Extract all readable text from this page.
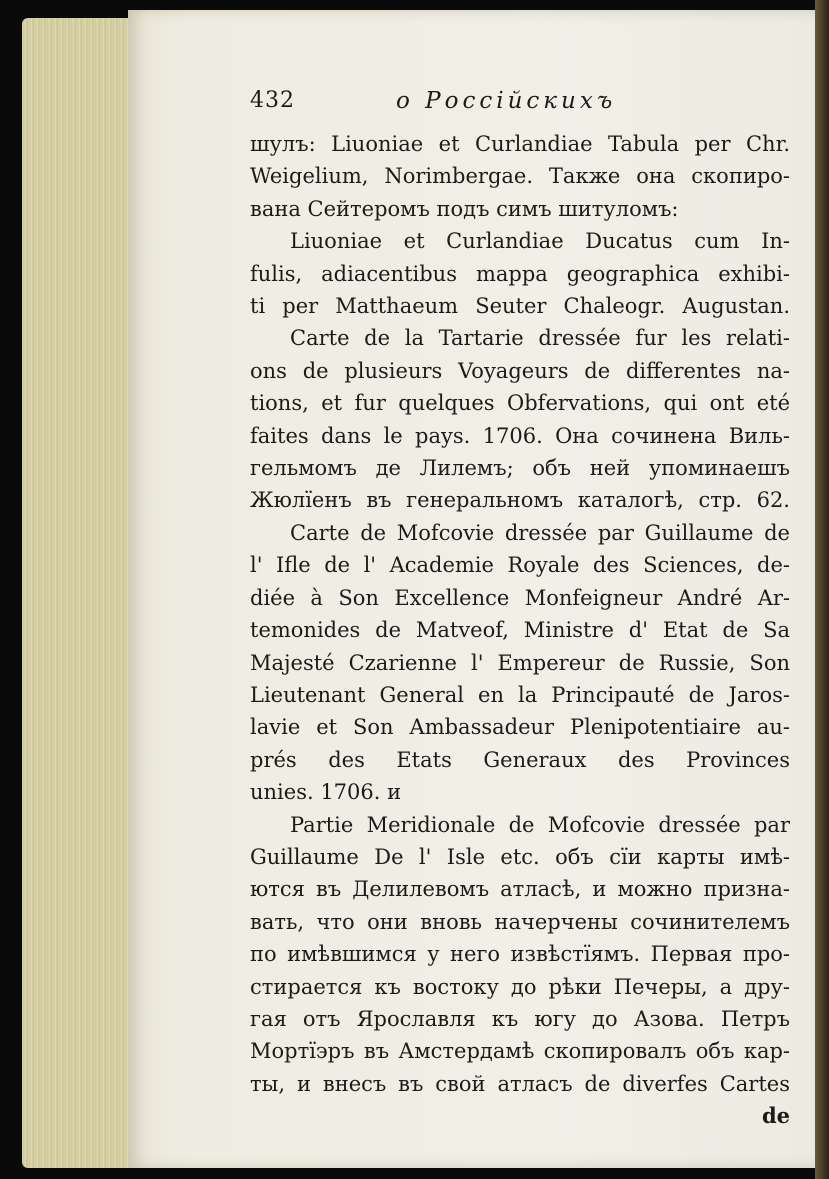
432	о Россійскихъ
шулъ: Liuoniae et Curlandiae Tabula per Chr.
Weigelium, Norimbergae. Также она скопиро-
вана Сейтеромъ подъ симъ шитуломъ:
Liuoniae et Curlandiae Ducatus cum In-
fulis, adiacentibus mappa geographica exhibi-
ti per Matthaeum Seuter Chaleogr. Augustan.
Carte de la Tartarie dressée fur les relati-
ons de plusieurs Voyageurs de differentes na-
tions, et fur quelques Obfervations, qui ont eté
faites dans le pays. 1706. Она сочинена Виль-
гельмомъ де Лилемъ; объ ней упоминаешъ
Жюлїенъ въ генеральномъ каталогѣ, стр. 62.
Carte de Mofcovie dressée par Guillaume de
l' Ifle de l' Academie Royale des Sciences, de-
diée à Son Excellence Monfeigneur André Ar-
temonides de Matveof, Ministre d' Etat de Sa
Majesté Czarienne l' Empereur de Russie, Son
Lieutenant General en la Principauté de Jaros-
lavie et Son Ambassadeur Plenipotentiaire au-
prés des Etats Generaux des Provinces
unies. 1706. и
Partie Meridionale de Mofcovie dressée par
Guillaume De l' Isle etc. объ сїи карты имѣ-
ются въ Делилевомъ атласѣ, и можно призна-
вать, что они вновь начерчены сочинителемъ
по имѣвшимся у него извѣстїямъ. Первая про-
стирается къ востоку до рѣки Печеры, а дру-
гая отъ Ярославля къ югу до Азова. Петръ
Мортїэръ въ Амстердамѣ скопировалъ объ кар-
ты, и внесъ въ свой атласъ de diverfes Cartes
de
